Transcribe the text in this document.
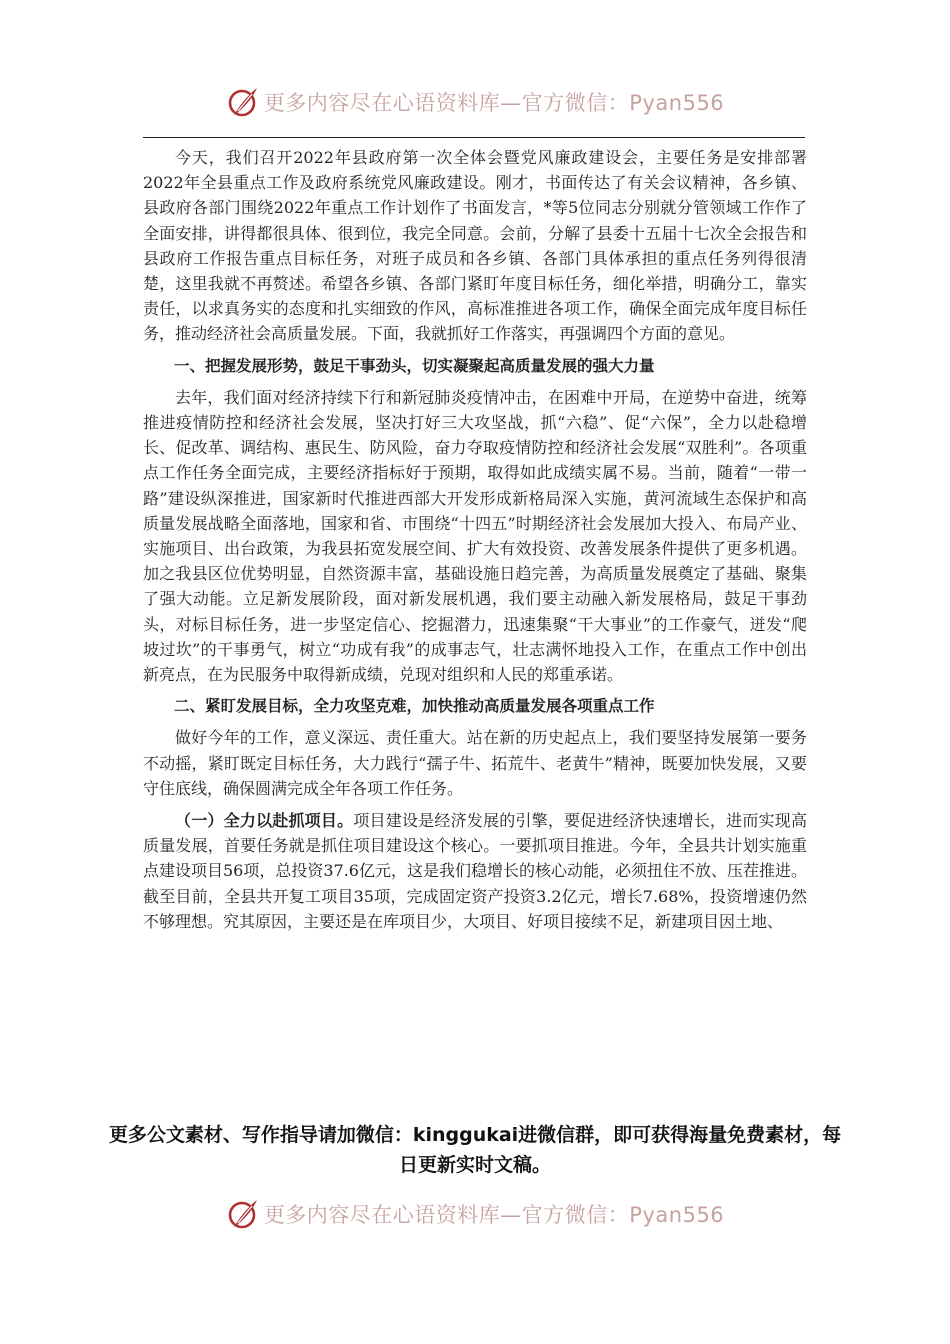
更多内容尽在心语资料库—官方微信：Pyan556

今天，我们召开2022年县政府第一次全体会暨党风廉政建设会，主要任务是安排部署2022年全县重点工作及政府系统党风廉政建设。刚才，书面传达了有关会议精神，各乡镇、县政府各部门围绕2022年重点工作计划作了书面发言，*等5位同志分别就分管领域工作作了全面安排，讲得都很具体、很到位，我完全同意。会前，分解了县委十五届十七次全会报告和县政府工作报告重点目标任务，对班子成员和各乡镇、各部门具体承担的重点任务列得很清楚，这里我就不再赘述。希望各乡镇、各部门紧盯年度目标任务，细化举措，明确分工，靠实责任，以求真务实的态度和扎实细致的作风，高标准推进各项工作，确保全面完成年度目标任务，推动经济社会高质量发展。下面，我就抓好工作落实，再强调四个方面的意见。

一、把握发展形势，鼓足干事劲头，切实凝聚起高质量发展的强大力量

去年，我们面对经济持续下行和新冠肺炎疫情冲击，在困难中开局，在逆势中奋进，统筹推进疫情防控和经济社会发展，坚决打好三大攻坚战，抓“六稳”、促“六保”，全力以赴稳增长、促改革、调结构、惠民生、防风险，奋力夺取疫情防控和经济社会发展“双胜利”。各项重点工作任务全面完成，主要经济指标好于预期，取得如此成绩实属不易。当前，随着“一带一路”建设纵深推进，国家新时代推进西部大开发形成新格局深入实施，黄河流域生态保护和高质量发展战略全面落地，国家和省、市围绕“十四五”时期经济社会发展加大投入、布局产业、实施项目、出台政策，为我县拓宽发展空间、扩大有效投资、改善发展条件提供了更多机遇。加之我县区位优势明显，自然资源丰富，基础设施日趋完善，为高质量发展奠定了基础、聚集了强大动能。立足新发展阶段，面对新发展机遇，我们要主动融入新发展格局，鼓足干事劲头，对标目标任务，进一步坚定信心、挖掘潜力，迅速集聚“干大事业”的工作豪气，迸发“爬坡过坎”的干事勇气，树立“功成有我”的成事志气，壮志满怀地投入工作，在重点工作中创出新亮点，在为民服务中取得新成绩，兑现对组织和人民的郑重承诺。

二、紧盯发展目标，全力攻坚克难，加快推动高质量发展各项重点工作

做好今年的工作，意义深远、责任重大。站在新的历史起点上，我们要坚持发展第一要务不动摇，紧盯既定目标任务，大力践行“孺子牛、拓荒牛、老黄牛”精神，既要加快发展，又要守住底线，确保圆满完成全年各项工作任务。

（一）全力以赴抓项目。项目建设是经济发展的引擎，要促进经济快速增长，进而实现高质量发展，首要任务就是抓住项目建设这个核心。一要抓项目推进。今年，全县共计划实施重点建设项目56项，总投资37.6亿元，这是我们稳增长的核心动能，必须扭住不放、压茬推进。截至目前，全县共开复工项目35项，完成固定资产投资3.2亿元，增长7.68%，投资增速仍然不够理想。究其原因，主要还是在库项目少，大项目、好项目接续不足，新建项目因土地、

更多公文素材、写作指导请加微信：kinggukai进微信群，即可获得海量免费素材，每日更新实时文稿。
更多内容尽在心语资料库—官方微信：Pyan556
